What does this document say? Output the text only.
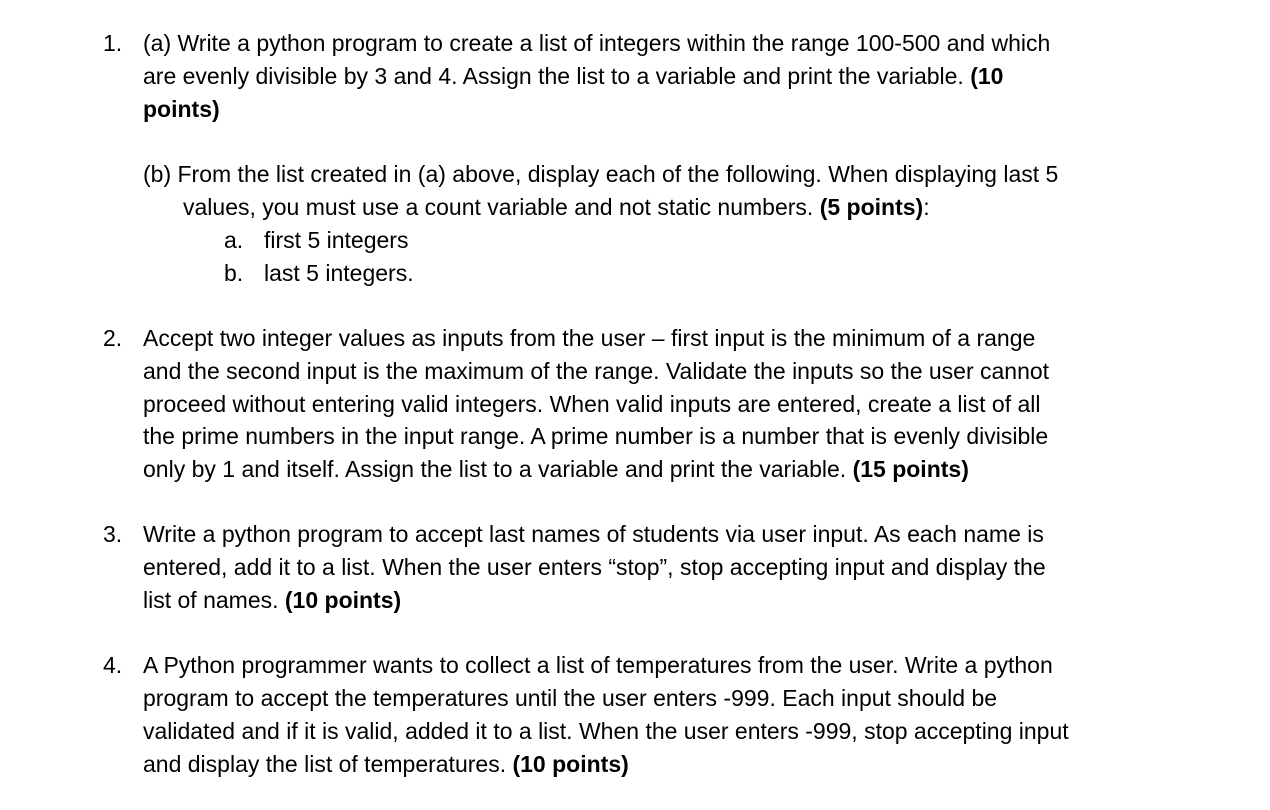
1. (a) Write a python program to create a list of integers within the range 100-500 and which
are evenly divisible by 3 and 4. Assign the list to a variable and print the variable. (10
points)
(b) From the list created in (a) above, display each of the following. When displaying last 5
values, you must use a count variable and not static numbers. (5 points):
a. first 5 integers
b. last 5 integers.
2. Accept two integer values as inputs from the user – first input is the minimum of a range
and the second input is the maximum of the range. Validate the inputs so the user cannot
proceed without entering valid integers. When valid inputs are entered, create a list of all
the prime numbers in the input range. A prime number is a number that is evenly divisible
only by 1 and itself. Assign the list to a variable and print the variable. (15 points)
3. Write a python program to accept last names of students via user input. As each name is
entered, add it to a list. When the user enters “stop”, stop accepting input and display the
list of names. (10 points)
4. A Python programmer wants to collect a list of temperatures from the user. Write a python
program to accept the temperatures until the user enters -999. Each input should be
validated and if it is valid, added it to a list. When the user enters -999, stop accepting input
and display the list of temperatures. (10 points)
